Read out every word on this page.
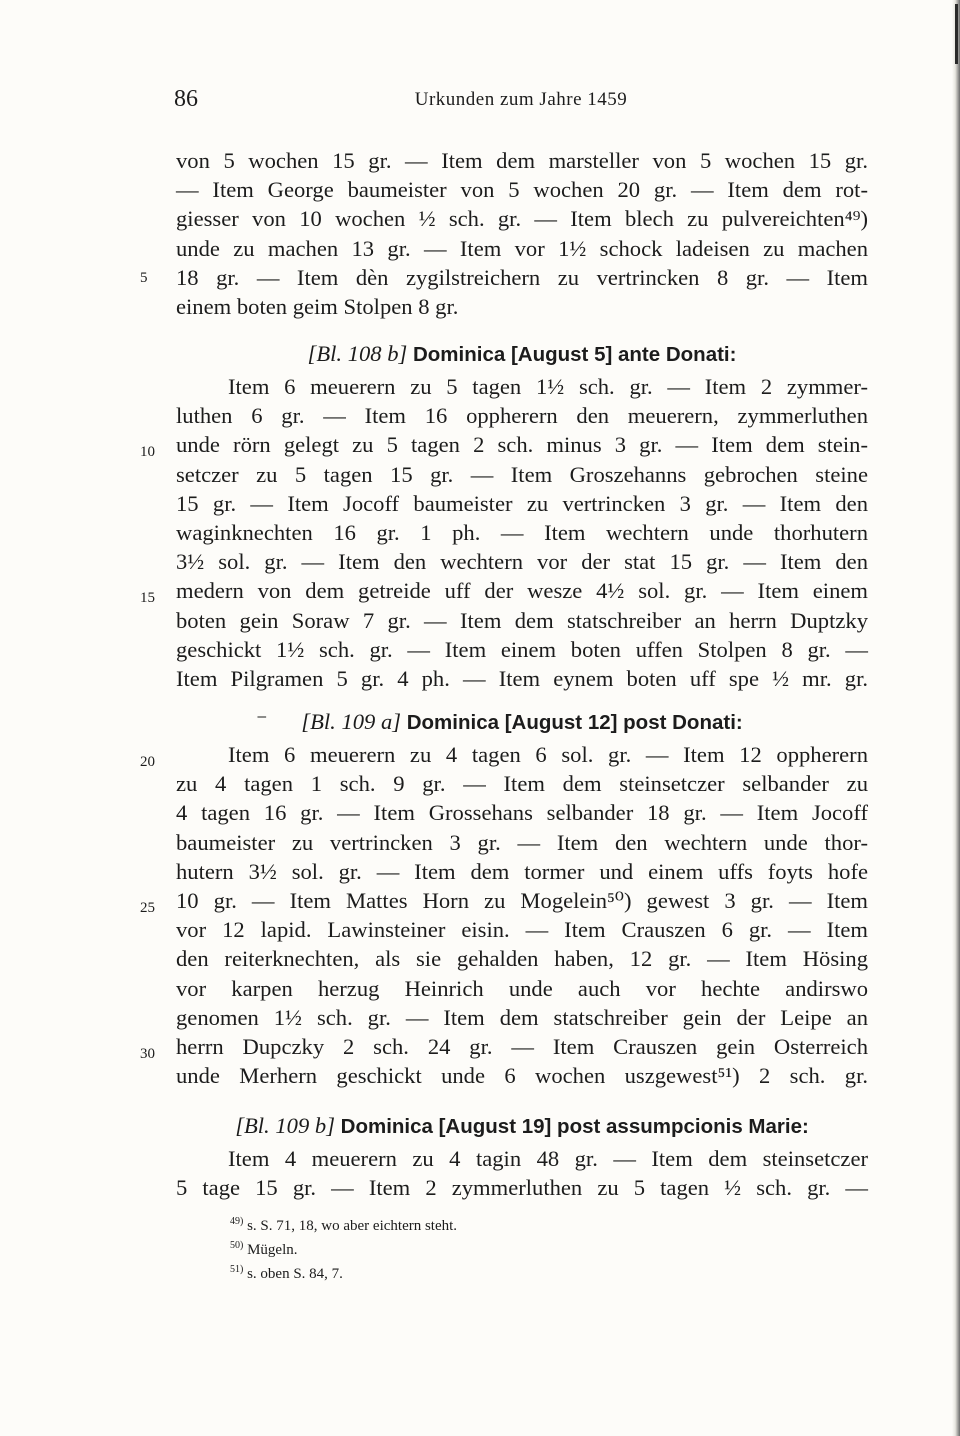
86	Urkunden zum Jahre 1459
von 5 wochen 15 gr. — Item dem marsteller von 5 wochen 15 gr.
— Item George baumeister von 5 wochen 20 gr. — Item dem rot-
giesser von 10 wochen ½ sch. gr. — Item blech zu pulvereichten⁴⁹)
unde zu machen 13 gr. — Item vor 1½ schock ladeisen zu machen
18 gr. — Item dèn zygilstreichern zu vertrincken 8 gr. — Item
einem boten geim Stolpen 8 gr.
[Bl. 108 b] Dominica [August 5] ante Donati:
Item 6 meuerern zu 5 tagen 1½ sch. gr. — Item 2 zymmer-
luthen 6 gr. — Item 16 oppherern den meuerern, zymmerluthen
unde rörn gelegt zu 5 tagen 2 sch. minus 3 gr. — Item dem stein-
setczer zu 5 tagen 15 gr. — Item Groszehanns gebrochen steine
15 gr. — Item Jocoff baumeister zu vertrincken 3 gr. — Item den
waginknechten 16 gr. 1 ph. — Item wechtern unde thorhutern
3½ sol. gr. — Item den wechtern vor der stat 15 gr. — Item den
medern von dem getreide uff der wesze 4½ sol. gr. — Item einem
boten gein Soraw 7 gr. — Item dem statschreiber an herrn Duptzky
geschickt 1½ sch. gr. — Item einem boten uffen Stolpen 8 gr. —
Item Pilgramen 5 gr. 4 ph. — Item eynem boten uff spe ½ mr. gr.
⁻	[Bl. 109 a] Dominica [August 12] post Donati:
Item 6 meuerern zu 4 tagen 6 sol. gr. — Item 12 oppherern
zu 4 tagen 1 sch. 9 gr. — Item dem steinsetczer selbander zu
4 tagen 16 gr. — Item Grossehans selbander 18 gr. — Item Jocoff
baumeister zu vertrincken 3 gr. — Item den wechtern unde thor-
hutern 3½ sol. gr. — Item dem tormer und einem uffs foyts hofe
10 gr. — Item Mattes Horn zu Mogelein⁵⁰) gewest 3 gr. — Item
vor 12 lapid. Lawinsteiner eisin. — Item Crauszen 6 gr. — Item
den reiterknechten, als sie gehalden haben, 12 gr. — Item Hösing
vor karpen herzug Heinrich unde auch vor hechte andirswo
genomen 1½ sch. gr. — Item dem statschreiber gein der Leipe an
herrn Dupczky 2 sch. 24 gr. — Item Crauszen gein Osterreich
unde Merhern geschickt unde 6 wochen uszgewest⁵¹) 2 sch. gr.
[Bl. 109 b] Dominica [August 19] post assumpcionis Marie:
Item 4 meuerern zu 4 tagin 48 gr. — Item dem steinsetczer
5 tage 15 gr. — Item 2 zymmerluthen zu 5 tagen ½ sch. gr. —
5
10
15
20
25
30
$^{49)}$ s. S. 71, 18, wo aber eichtern steht.
$^{50)}$ Mügeln.
$^{51)}$ s. oben S. 84, 7.
